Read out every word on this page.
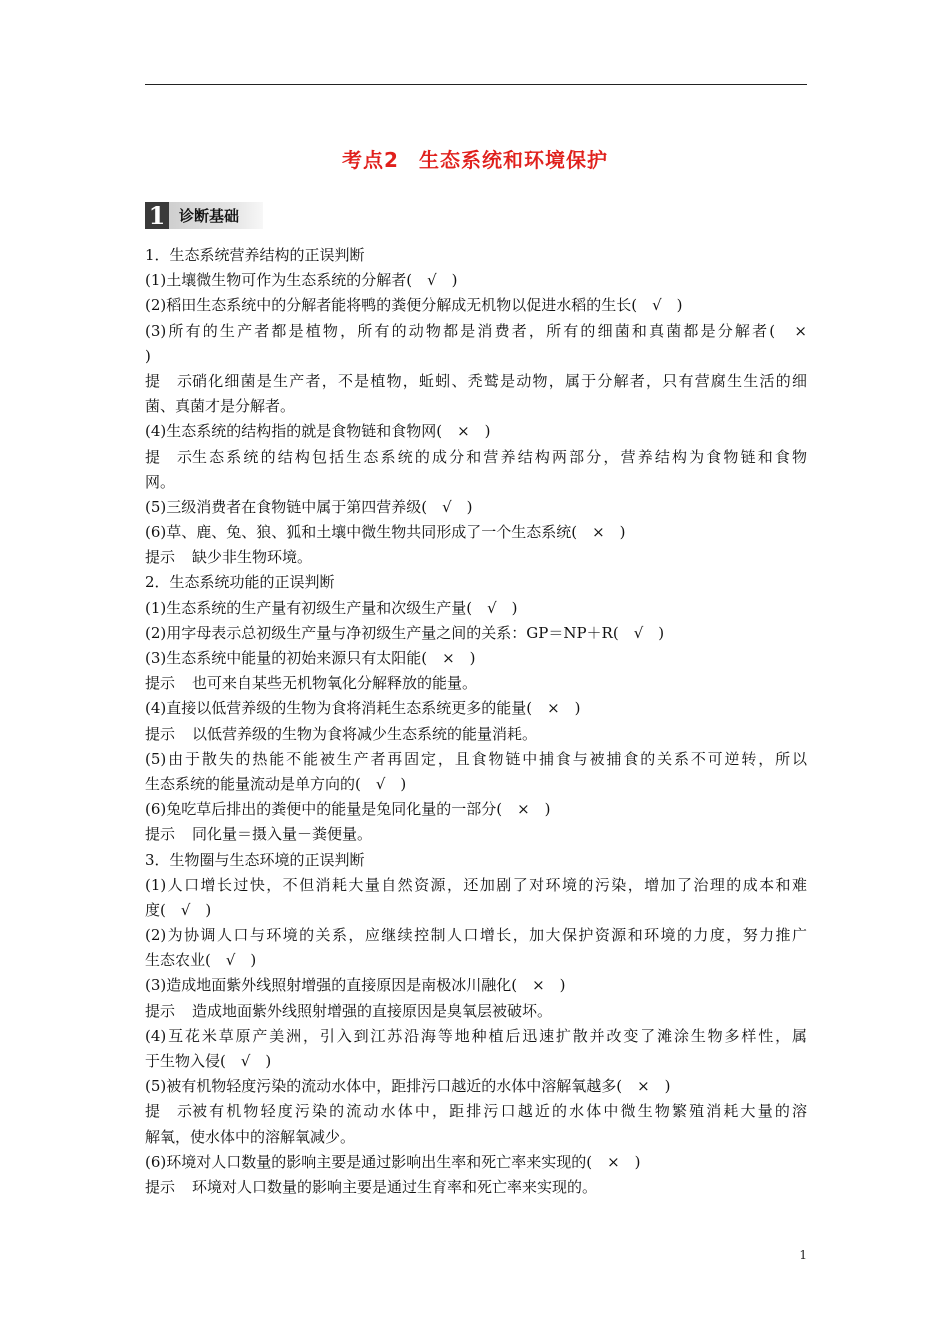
考点2 生态系统和环境保护
1 诊断基础
1．生态系统营养结构的正误判断
(1)土壤微生物可作为生态系统的分解者(　√　)
(2)稻田生态系统中的分解者能将鸭的粪便分解成无机物以促进水稻的生长(　√　)
(3)所有的生产者都是植物，所有的动物都是消费者，所有的细菌和真菌都是分解者(　×
)
提示 硝化细菌是生产者，不是植物，蚯蚓、秃鹫是动物，属于分解者，只有营腐生生活的细
菌、真菌才是分解者。
(4)生态系统的结构指的就是食物链和食物网(　×　)
提示 生态系统的结构包括生态系统的成分和营养结构两部分，营养结构为食物链和食物
网。
(5)三级消费者在食物链中属于第四营养级(　√　)
(6)草、鹿、兔、狼、狐和土壤中微生物共同形成了一个生态系统(　×　)
提示 缺少非生物环境。
2．生态系统功能的正误判断
(1)生态系统的生产量有初级生产量和次级生产量(　√　)
(2)用字母表示总初级生产量与净初级生产量之间的关系：GP＝NP＋R(　√　)
(3)生态系统中能量的初始来源只有太阳能(　×　)
提示 也可来自某些无机物氧化分解释放的能量。
(4)直接以低营养级的生物为食将消耗生态系统更多的能量(　×　)
提示 以低营养级的生物为食将减少生态系统的能量消耗。
(5)由于散失的热能不能被生产者再固定，且食物链中捕食与被捕食的关系不可逆转，所以
生态系统的能量流动是单方向的(　√　)
(6)兔吃草后排出的粪便中的能量是兔同化量的一部分(　×　)
提示 同化量＝摄入量－粪便量。
3．生物圈与生态环境的正误判断
(1)人口增长过快，不但消耗大量自然资源，还加剧了对环境的污染，增加了治理的成本和难
度(　√　)
(2)为协调人口与环境的关系，应继续控制人口增长，加大保护资源和环境的力度，努力推广
生态农业(　√　)
(3)造成地面紫外线照射增强的直接原因是南极冰川融化(　×　)
提示 造成地面紫外线照射增强的直接原因是臭氧层被破坏。
(4)互花米草原产美洲，引入到江苏沿海等地种植后迅速扩散并改变了滩涂生物多样性，属
于生物入侵(　√　)
(5)被有机物轻度污染的流动水体中，距排污口越近的水体中溶解氧越多(　×　)
提示 被有机物轻度污染的流动水体中，距排污口越近的水体中微生物繁殖消耗大量的溶
解氧，使水体中的溶解氧减少。
(6)环境对人口数量的影响主要是通过影响出生率和死亡率来实现的(　×　)
提示 环境对人口数量的影响主要是通过生育率和死亡率来实现的。
1
